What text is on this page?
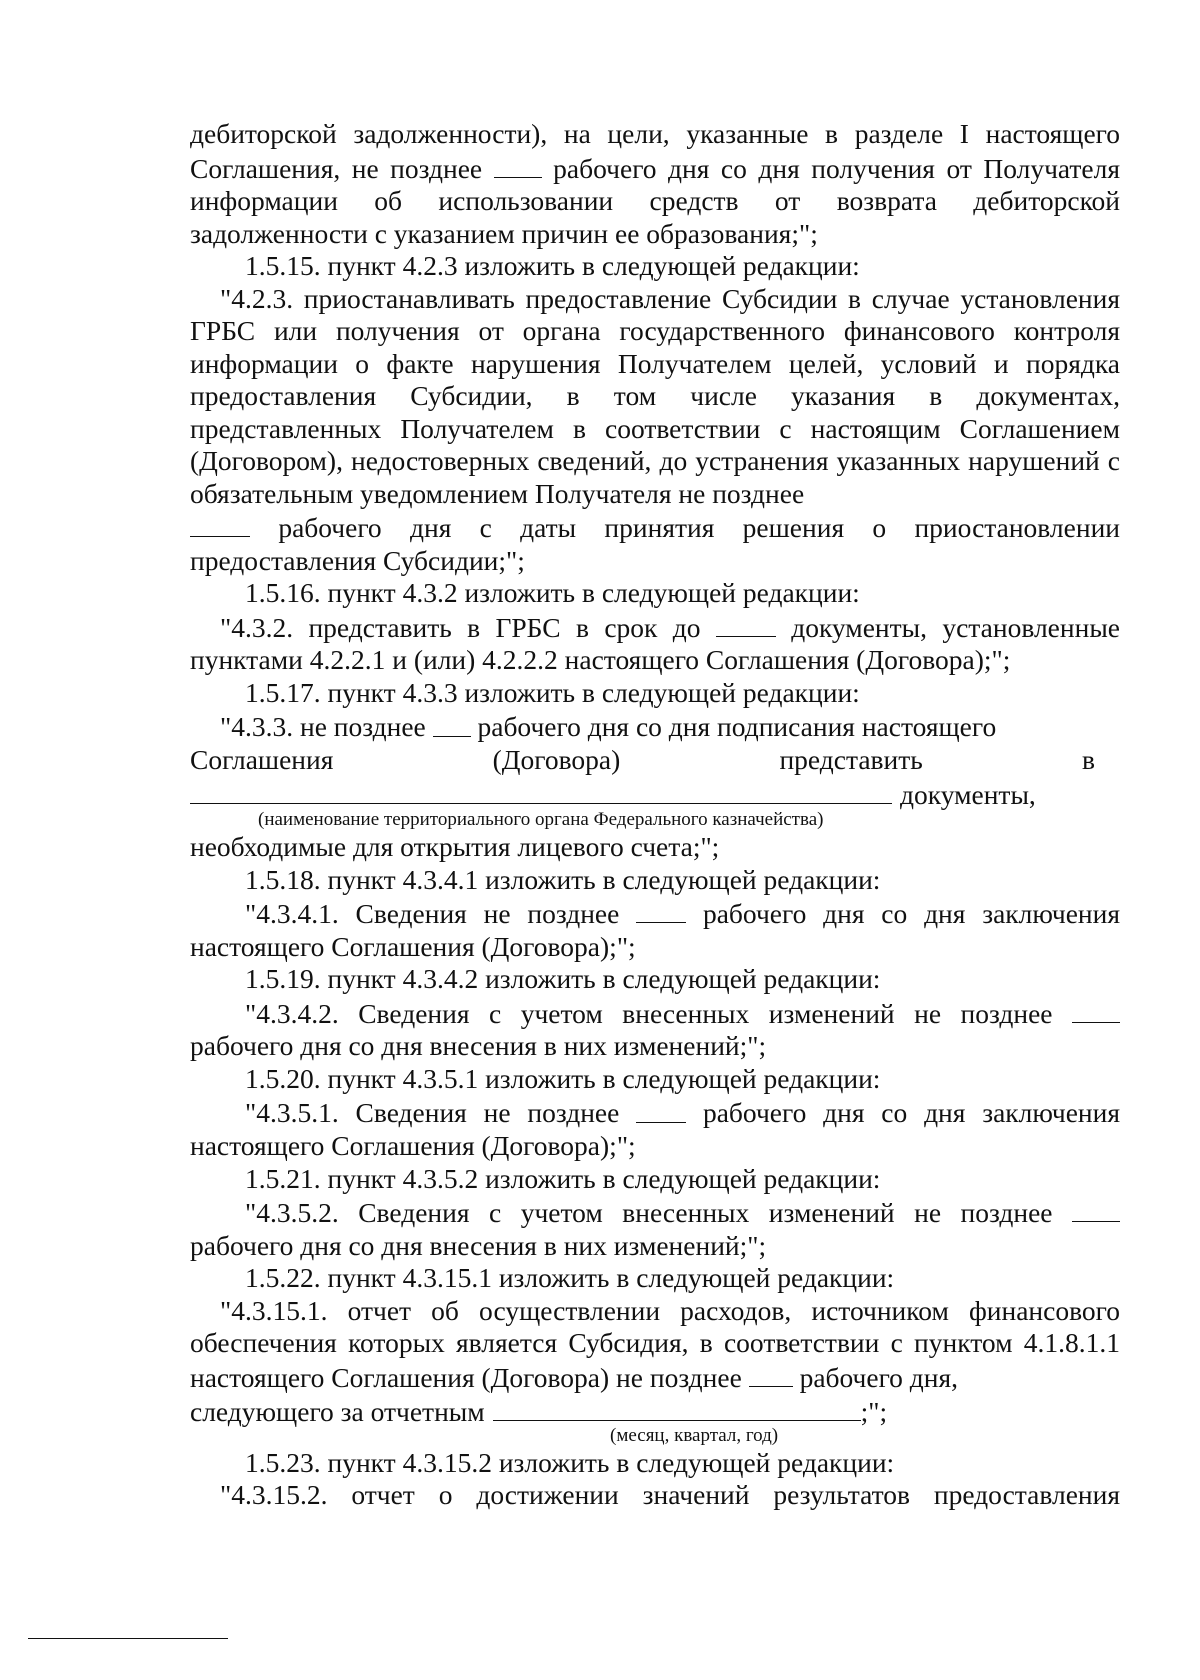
дебиторской задолженности), на цели, указанные в разделе I настоящего

Соглашения, не позднее	рабочего дня со дня получения от Получателя информации об использовании средств от возврата дебиторской

задолженности с указанием причин ее образования;";

1.5.15. пункт 4.2.3 изложить в следующей редакции:

"4.2.3. приостанавливать предоставление Субсидии в случае установления ГРБС или получения от органа государственного финансового контроля информации о факте нарушения Получателем целей, условий и порядка предоставления Субсидии, в том числе указания в документах, представленных Получателем в соответствии с настоящим Соглашением (Договором), недостоверных сведений, до устранения указанных нарушений с обязательным уведомлением Получателя не позднее

рабочего дня с даты принятия решения о приостановлении предоставления Субсидии;";

1.5.16. пункт 4.3.2 изложить в следующей редакции:

"4.3.2. представить в ГРБС в срок до	документы, установленные пунктами 4.2.2.1 и (или) 4.2.2.2 настоящего Соглашения (Договора);";

1.5.17. пункт 4.3.3 изложить в следующей редакции:

"4.3.3. не позднее рабочего дня со дня подписания настоящего

Соглашения	(Договора)	представить	в
документы,
(наименование территориального органа Федерального казначейства)

необходимые для открытия лицевого счета;";

1.5.18. пункт 4.3.4.1 изложить в следующей редакции:

"4.3.4.1. Сведения не позднее	рабочего дня со дня заключения настоящего Соглашения (Договора);";

1.5.19. пункт 4.3.4.2 изложить в следующей редакции:

"4.3.4.2. Сведения с учетом внесенных изменений не позднее  рабочего дня со дня внесения в них изменений;";

1.5.20. пункт 4.3.5.1 изложить в следующей редакции:

"4.3.5.1. Сведения не позднее	рабочего дня со дня заключения настоящего Соглашения (Договора);";

1.5.21. пункт 4.3.5.2 изложить в следующей редакции:

"4.3.5.2. Сведения с учетом внесенных изменений не позднее  рабочего дня со дня внесения в них изменений;";

1.5.22. пункт 4.3.15.1 изложить в следующей редакции:

"4.3.15.1. отчет об осуществлении расходов, источником финансового обеспечения которых является Субсидия, в соответствии с пунктом 4.1.8.1.1 настоящего Соглашения (Договора) не позднее рабочего дня,

следующего за отчетным	;";
(месяц, квартал, год)

1.5.23. пункт 4.3.15.2 изложить в следующей редакции:

"4.3.15.2. отчет о достижении значений результатов предоставления
